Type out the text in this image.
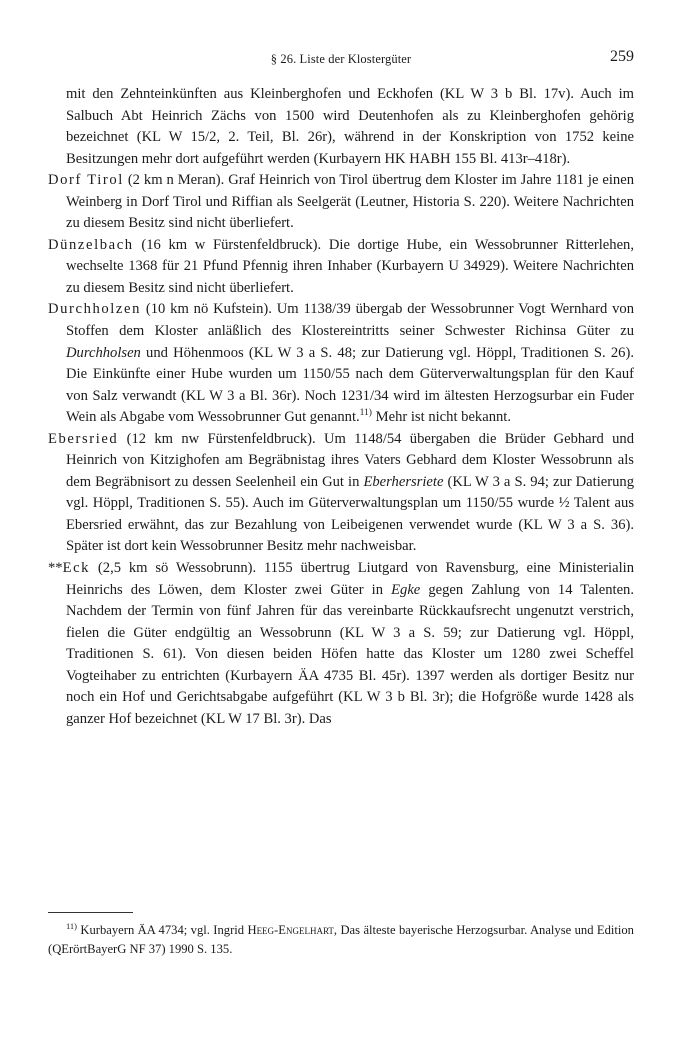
§ 26. Liste der Klostergüter	259

mit den Zehnteinkünften aus Kleinberghofen und Eckhofen (KL W 3 b Bl. 17v). Auch im Salbuch Abt Heinrich Zächs von 1500 wird Deutenhofen als zu Kleinberghofen gehörig bezeichnet (KL W 15/2, 2. Teil, Bl. 26r), während in der Konskription von 1752 keine Besitzungen mehr dort aufgeführt werden (Kurbayern HK HABH 155 Bl. 413r–418r).

Dorf Tirol (2 km n Meran). Graf Heinrich von Tirol übertrug dem Kloster im Jahre 1181 je einen Weinberg in Dorf Tirol und Riffian als Seelgerät (Leutner, Historia S. 220). Weitere Nachrichten zu diesem Besitz sind nicht überliefert.

Dünzelbach (16 km w Fürstenfeldbruck). Die dortige Hube, ein Wessobrunner Ritterlehen, wechselte 1368 für 21 Pfund Pfennig ihren Inhaber (Kurbayern U 34929). Weitere Nachrichten zu diesem Besitz sind nicht überliefert.

Durchholzen (10 km nö Kufstein). Um 1138/39 übergab der Wessobrunner Vogt Wernhard von Stoffen dem Kloster anläßlich des Klostereintritts seiner Schwester Richinsa Güter zu Durchholsen und Höhenmoos (KL W 3 a S. 48; zur Datierung vgl. Höppl, Traditionen S. 26). Die Einkünfte einer Hube wurden um 1150/55 nach dem Güterverwaltungsplan für den Kauf von Salz verwandt (KL W 3 a Bl. 36r). Noch 1231/34 wird im ältesten Herzogsurbar ein Fuder Wein als Abgabe vom Wessobrunner Gut genannt.$^{11)}$ Mehr ist nicht bekannt.

Ebersried (12 km nw Fürstenfeldbruck). Um 1148/54 übergaben die Brüder Gebhard und Heinrich von Kitzighofen am Begräbnistag ihres Vaters Gebhard dem Kloster Wessobrunn als dem Begräbnisort zu dessen Seelenheil ein Gut in Eberhersriete (KL W 3 a S. 94; zur Datierung vgl. Höppl, Traditionen S. 55). Auch im Güterverwaltungsplan um 1150/55 wurde ½ Talent aus Ebersried erwähnt, das zur Bezahlung von Leibeigenen verwendet wurde (KL W 3 a S. 36). Später ist dort kein Wessobrunner Besitz mehr nachweisbar.

**Eck (2,5 km sö Wessobrunn). 1155 übertrug Liutgard von Ravensburg, eine Ministerialin Heinrichs des Löwen, dem Kloster zwei Güter in Egke gegen Zahlung von 14 Talenten. Nachdem der Termin von fünf Jahren für das vereinbarte Rückkaufsrecht ungenutzt verstrich, fielen die Güter endgültig an Wessobrunn (KL W 3 a S. 59; zur Datierung vgl. Höppl, Traditionen S. 61). Von diesen beiden Höfen hatte das Kloster um 1280 zwei Scheffel Vogteihaber zu entrichten (Kurbayern ÄA 4735 Bl. 45r). 1397 werden als dortiger Besitz nur noch ein Hof und Gerichtsabgabe aufgeführt (KL W 3 b Bl. 3r); die Hofgröße wurde 1428 als ganzer Hof bezeichnet (KL W 17 Bl. 3r). Das

$^{11)}$ Kurbayern ÄA 4734; vgl. Ingrid Heeg-Engelhart, Das älteste bayerische Herzogsurbar. Analyse und Edition (QErörtBayerG NF 37) 1990 S. 135.
